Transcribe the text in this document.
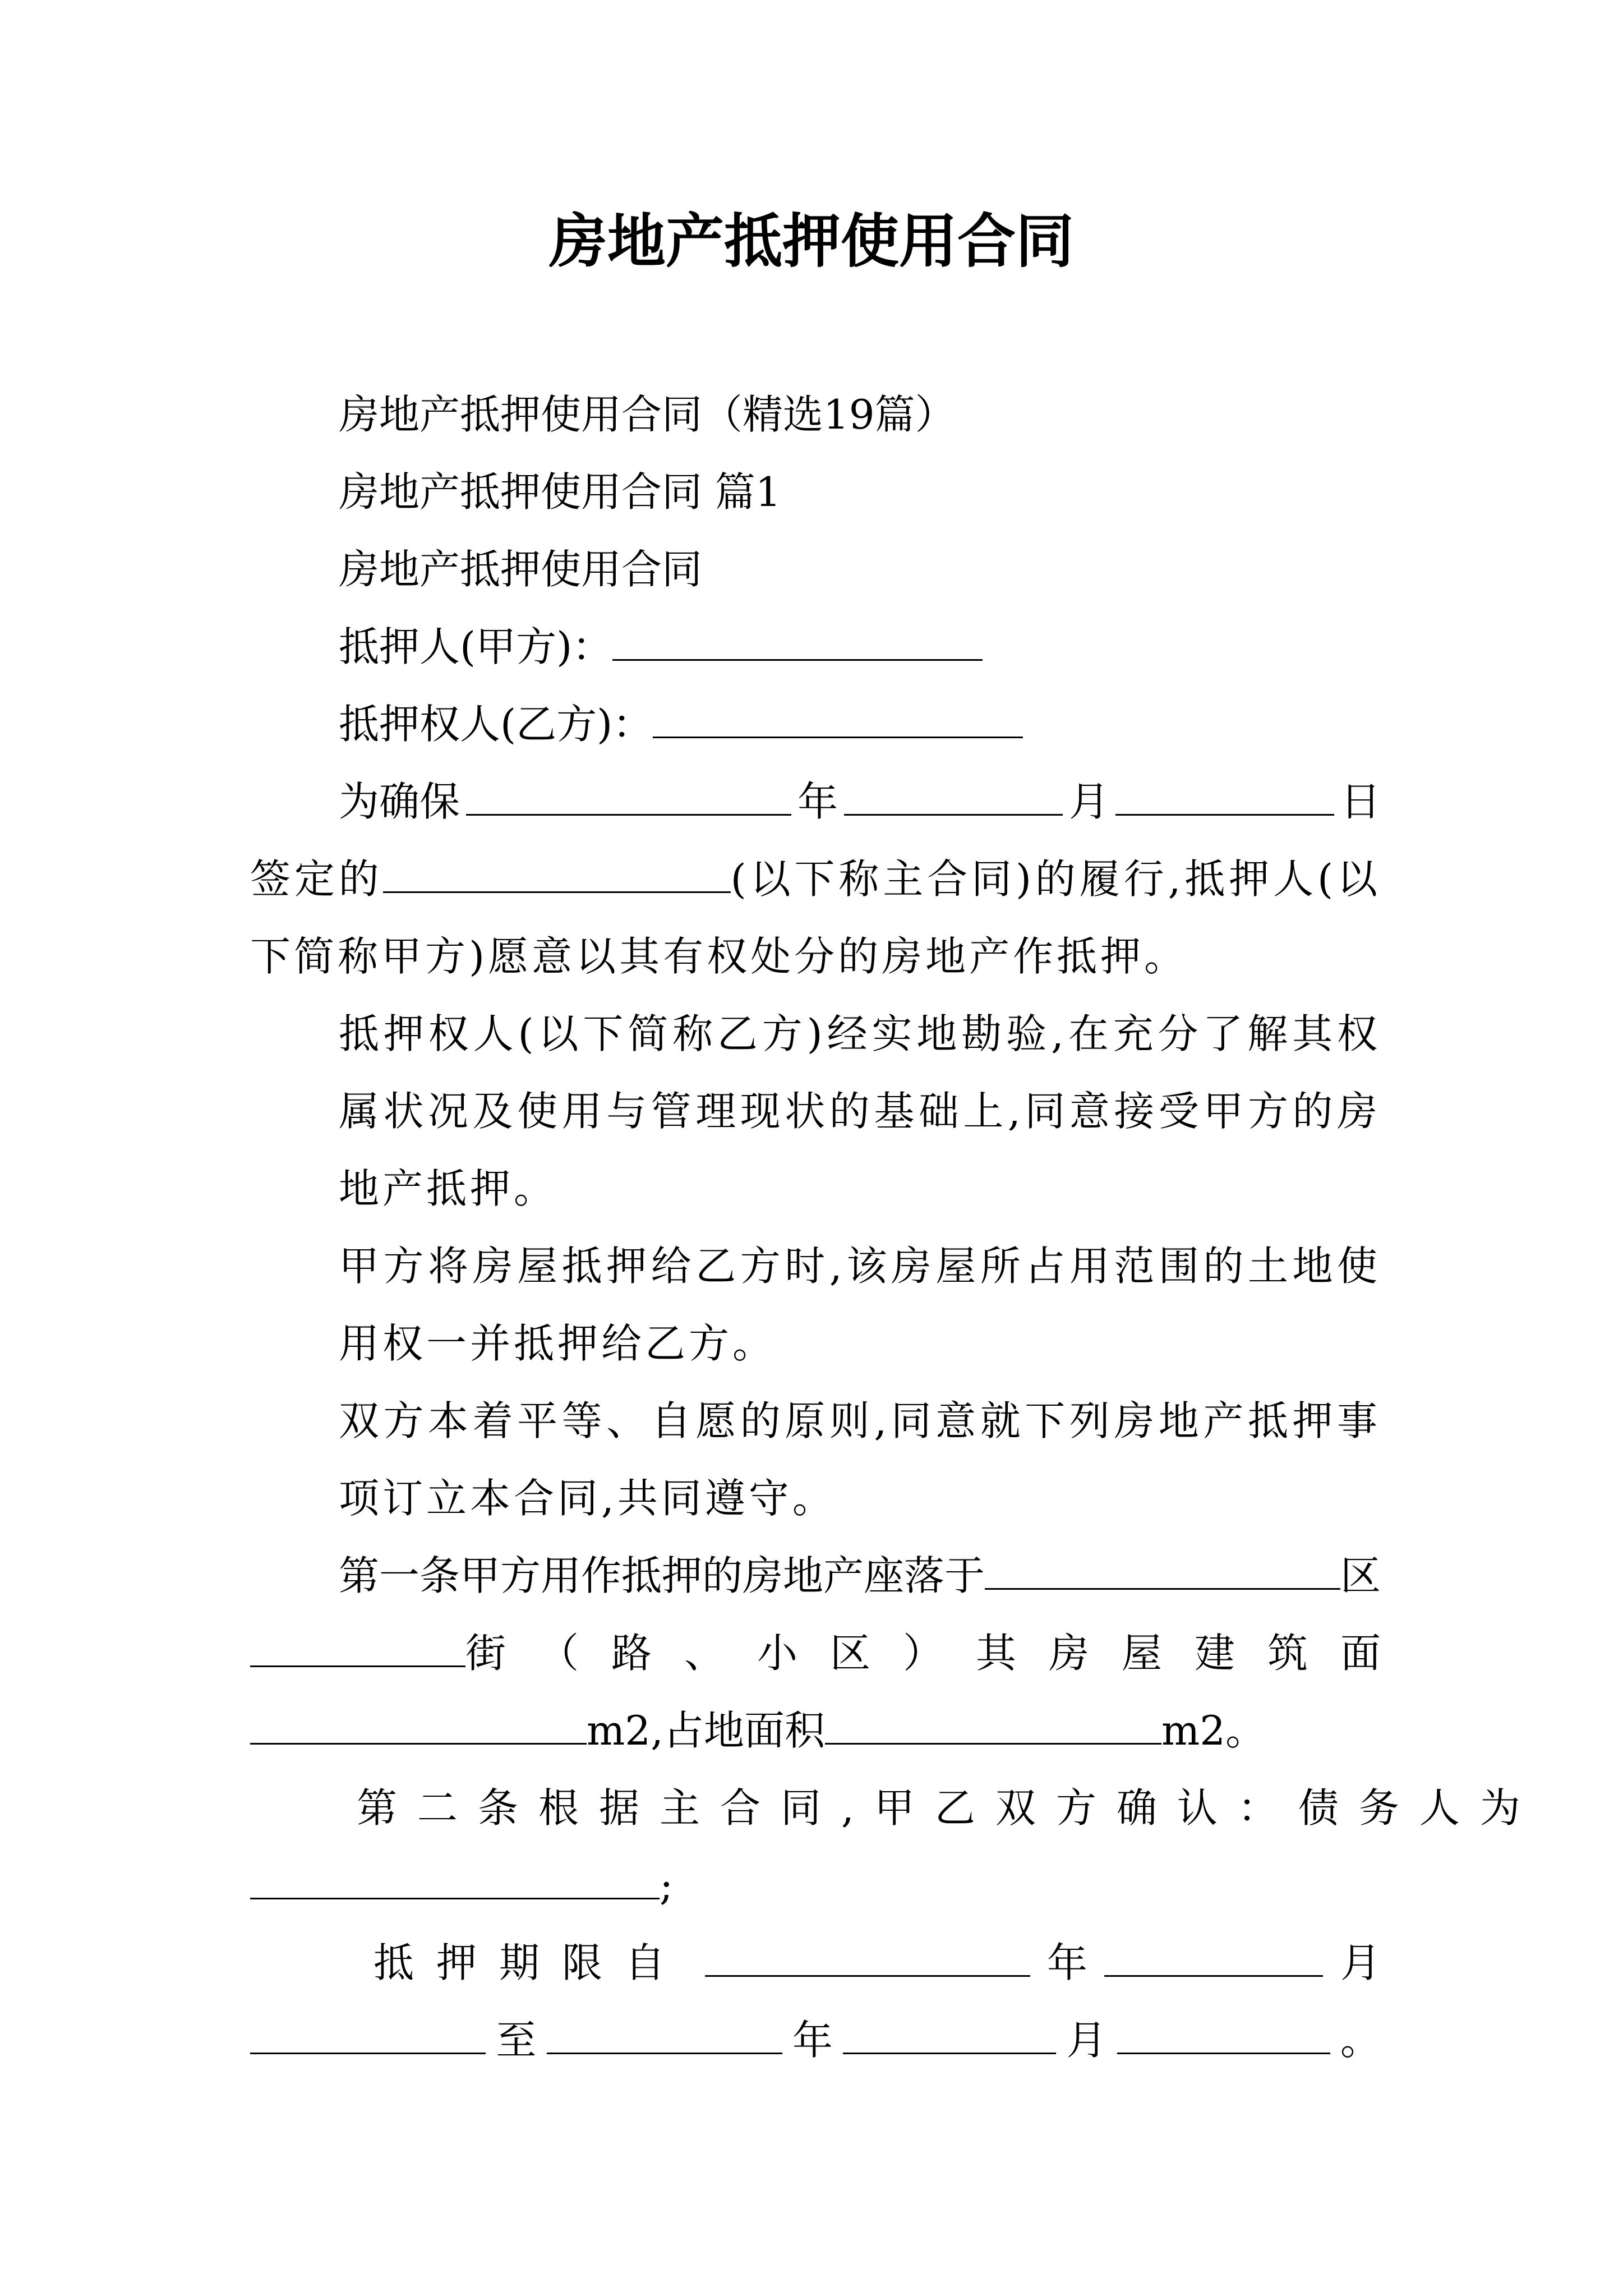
房地产抵押使用合同

房地产抵押使用合同（精选19篇）

房地产抵押使用合同 篇1

房地产抵押使用合同

抵押人(甲方)：

抵押权人(乙方)：

为确保	年	月	日

签定的	(以下称主合同)的履行,抵押人(以下简称甲方)愿意以其有权处分的房地产作抵押。

抵押权人(以下简称乙方)经实地勘验,在充分了解其权属状况及使用与管理现状的基础上,同意接受甲方的房地产抵押。

甲方将房屋抵押给乙方时,该房屋所占用范围的土地使用权一并抵押给乙方。

双方本着平等、自愿的原则,同意就下列房地产抵押事项订立本合同,共同遵守。

第一条甲方用作抵押的房地产座落于	区
街（路、小区）其房屋建筑面

m2,占地面积	m2。

第二条根据主合同,甲乙双方确认：债务人为

;

抵押期限自	年	月
至	年	月	。
